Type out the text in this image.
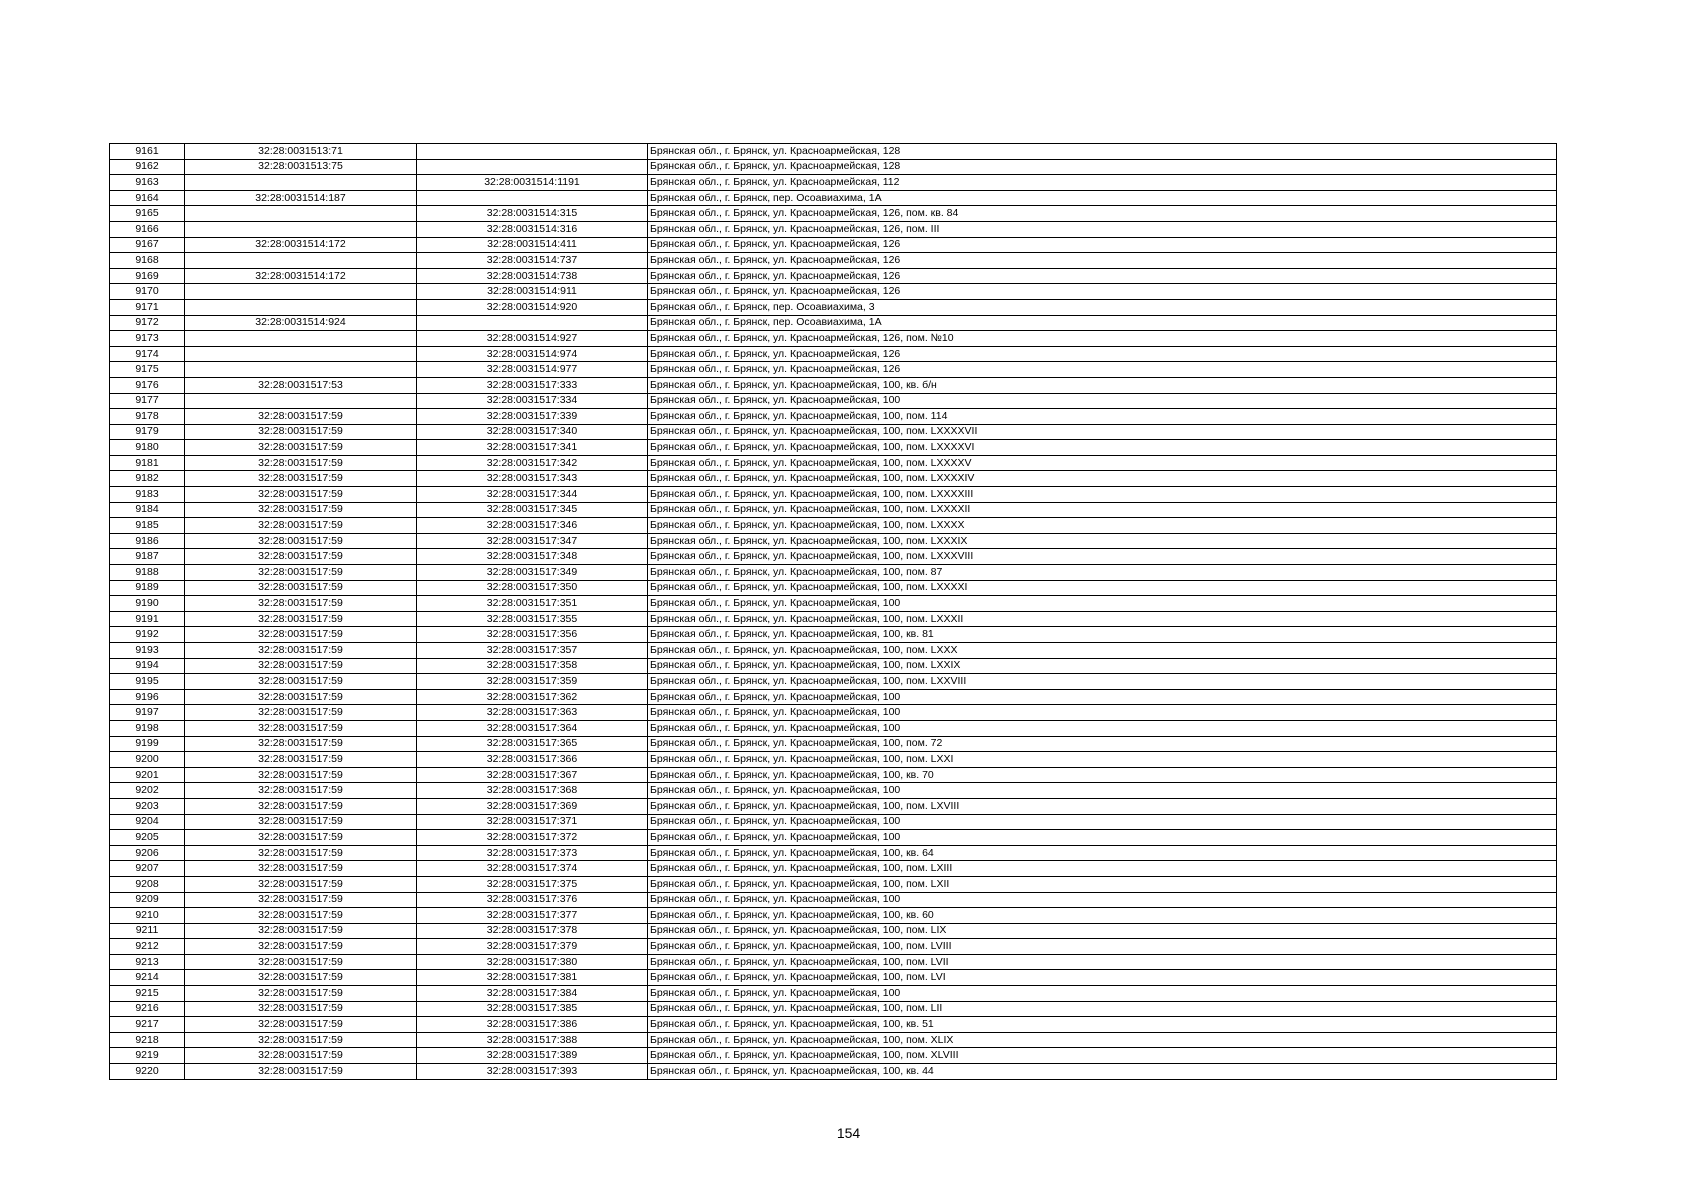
9161	32:28:0031513:71		Брянская обл., г. Брянск, ул. Красноармейская, 128
9162	32:28:0031513:75		Брянская обл., г. Брянск, ул. Красноармейская, 128
9163		32:28:0031514:1191	Брянская обл., г. Брянск, ул. Красноармейская, 112
9164	32:28:0031514:187		Брянская обл., г. Брянск, пер. Осоавиахима, 1А
9165		32:28:0031514:315	Брянская обл., г. Брянск, ул. Красноармейская, 126, пом. кв. 84
9166		32:28:0031514:316	Брянская обл., г. Брянск, ул. Красноармейская, 126, пом. III
9167	32:28:0031514:172	32:28:0031514:411	Брянская обл., г. Брянск, ул. Красноармейская, 126
9168		32:28:0031514:737	Брянская обл., г. Брянск, ул. Красноармейская, 126
9169	32:28:0031514:172	32:28:0031514:738	Брянская обл., г. Брянск, ул. Красноармейская, 126
9170		32:28:0031514:911	Брянская обл., г. Брянск, ул. Красноармейская, 126
9171		32:28:0031514:920	Брянская обл., г. Брянск, пер. Осоавиахима, 3
9172	32:28:0031514:924		Брянская обл., г. Брянск, пер. Осоавиахима, 1А
9173		32:28:0031514:927	Брянская обл., г. Брянск, ул. Красноармейская, 126, пом. №10
9174		32:28:0031514:974	Брянская обл., г. Брянск, ул. Красноармейская, 126
9175		32:28:0031514:977	Брянская обл., г. Брянск, ул. Красноармейская, 126
9176	32:28:0031517:53	32:28:0031517:333	Брянская обл., г. Брянск, ул. Красноармейская, 100, кв. б/н
9177		32:28:0031517:334	Брянская обл., г. Брянск, ул. Красноармейская, 100
9178	32:28:0031517:59	32:28:0031517:339	Брянская обл., г. Брянск, ул. Красноармейская, 100, пом. 114
9179	32:28:0031517:59	32:28:0031517:340	Брянская обл., г. Брянск, ул. Красноармейская, 100, пом. LXXXXVII
9180	32:28:0031517:59	32:28:0031517:341	Брянская обл., г. Брянск, ул. Красноармейская, 100, пом. LXXXXVI
9181	32:28:0031517:59	32:28:0031517:342	Брянская обл., г. Брянск, ул. Красноармейская, 100, пом. LXXXXV
9182	32:28:0031517:59	32:28:0031517:343	Брянская обл., г. Брянск, ул. Красноармейская, 100, пом. LXXXXIV
9183	32:28:0031517:59	32:28:0031517:344	Брянская обл., г. Брянск, ул. Красноармейская, 100, пом. LXXXXIII
9184	32:28:0031517:59	32:28:0031517:345	Брянская обл., г. Брянск, ул. Красноармейская, 100, пом. LXXXXII
9185	32:28:0031517:59	32:28:0031517:346	Брянская обл., г. Брянск, ул. Красноармейская, 100, пом. LXXXX
9186	32:28:0031517:59	32:28:0031517:347	Брянская обл., г. Брянск, ул. Красноармейская, 100, пом. LXXXIX
9187	32:28:0031517:59	32:28:0031517:348	Брянская обл., г. Брянск, ул. Красноармейская, 100, пом. LXXXVIII
9188	32:28:0031517:59	32:28:0031517:349	Брянская обл., г. Брянск, ул. Красноармейская, 100, пом. 87
9189	32:28:0031517:59	32:28:0031517:350	Брянская обл., г. Брянск, ул. Красноармейская, 100, пом. LXXXXI
9190	32:28:0031517:59	32:28:0031517:351	Брянская обл., г. Брянск, ул. Красноармейская, 100
9191	32:28:0031517:59	32:28:0031517:355	Брянская обл., г. Брянск, ул. Красноармейская, 100, пом. LXXXII
9192	32:28:0031517:59	32:28:0031517:356	Брянская обл., г. Брянск, ул. Красноармейская, 100, кв. 81
9193	32:28:0031517:59	32:28:0031517:357	Брянская обл., г. Брянск, ул. Красноармейская, 100, пом. LXXX
9194	32:28:0031517:59	32:28:0031517:358	Брянская обл., г. Брянск, ул. Красноармейская, 100, пом. LXXIX
9195	32:28:0031517:59	32:28:0031517:359	Брянская обл., г. Брянск, ул. Красноармейская, 100, пом. LXXVIII
9196	32:28:0031517:59	32:28:0031517:362	Брянская обл., г. Брянск, ул. Красноармейская, 100
9197	32:28:0031517:59	32:28:0031517:363	Брянская обл., г. Брянск, ул. Красноармейская, 100
9198	32:28:0031517:59	32:28:0031517:364	Брянская обл., г. Брянск, ул. Красноармейская, 100
9199	32:28:0031517:59	32:28:0031517:365	Брянская обл., г. Брянск, ул. Красноармейская, 100, пом. 72
9200	32:28:0031517:59	32:28:0031517:366	Брянская обл., г. Брянск, ул. Красноармейская, 100, пом. LXXI
9201	32:28:0031517:59	32:28:0031517:367	Брянская обл., г. Брянск, ул. Красноармейская, 100, кв. 70
9202	32:28:0031517:59	32:28:0031517:368	Брянская обл., г. Брянск, ул. Красноармейская, 100
9203	32:28:0031517:59	32:28:0031517:369	Брянская обл., г. Брянск, ул. Красноармейская, 100, пом. LXVIII
9204	32:28:0031517:59	32:28:0031517:371	Брянская обл., г. Брянск, ул. Красноармейская, 100
9205	32:28:0031517:59	32:28:0031517:372	Брянская обл., г. Брянск, ул. Красноармейская, 100
9206	32:28:0031517:59	32:28:0031517:373	Брянская обл., г. Брянск, ул. Красноармейская, 100, кв. 64
9207	32:28:0031517:59	32:28:0031517:374	Брянская обл., г. Брянск, ул. Красноармейская, 100, пом. LXIII
9208	32:28:0031517:59	32:28:0031517:375	Брянская обл., г. Брянск, ул. Красноармейская, 100, пом. LXII
9209	32:28:0031517:59	32:28:0031517:376	Брянская обл., г. Брянск, ул. Красноармейская, 100
9210	32:28:0031517:59	32:28:0031517:377	Брянская обл., г. Брянск, ул. Красноармейская, 100, кв. 60
9211	32:28:0031517:59	32:28:0031517:378	Брянская обл., г. Брянск, ул. Красноармейская, 100, пом. LIX
9212	32:28:0031517:59	32:28:0031517:379	Брянская обл., г. Брянск, ул. Красноармейская, 100, пом. LVIII
9213	32:28:0031517:59	32:28:0031517:380	Брянская обл., г. Брянск, ул. Красноармейская, 100, пом. LVII
9214	32:28:0031517:59	32:28:0031517:381	Брянская обл., г. Брянск, ул. Красноармейская, 100, пом. LVI
9215	32:28:0031517:59	32:28:0031517:384	Брянская обл., г. Брянск, ул. Красноармейская, 100
9216	32:28:0031517:59	32:28:0031517:385	Брянская обл., г. Брянск, ул. Красноармейская, 100, пом. LII
9217	32:28:0031517:59	32:28:0031517:386	Брянская обл., г. Брянск, ул. Красноармейская, 100, кв. 51
9218	32:28:0031517:59	32:28:0031517:388	Брянская обл., г. Брянск, ул. Красноармейская, 100, пом. XLIX
9219	32:28:0031517:59	32:28:0031517:389	Брянская обл., г. Брянск, ул. Красноармейская, 100, пом. XLVIII
9220	32:28:0031517:59	32:28:0031517:393	Брянская обл., г. Брянск, ул. Красноармейская, 100, кв. 44
154
